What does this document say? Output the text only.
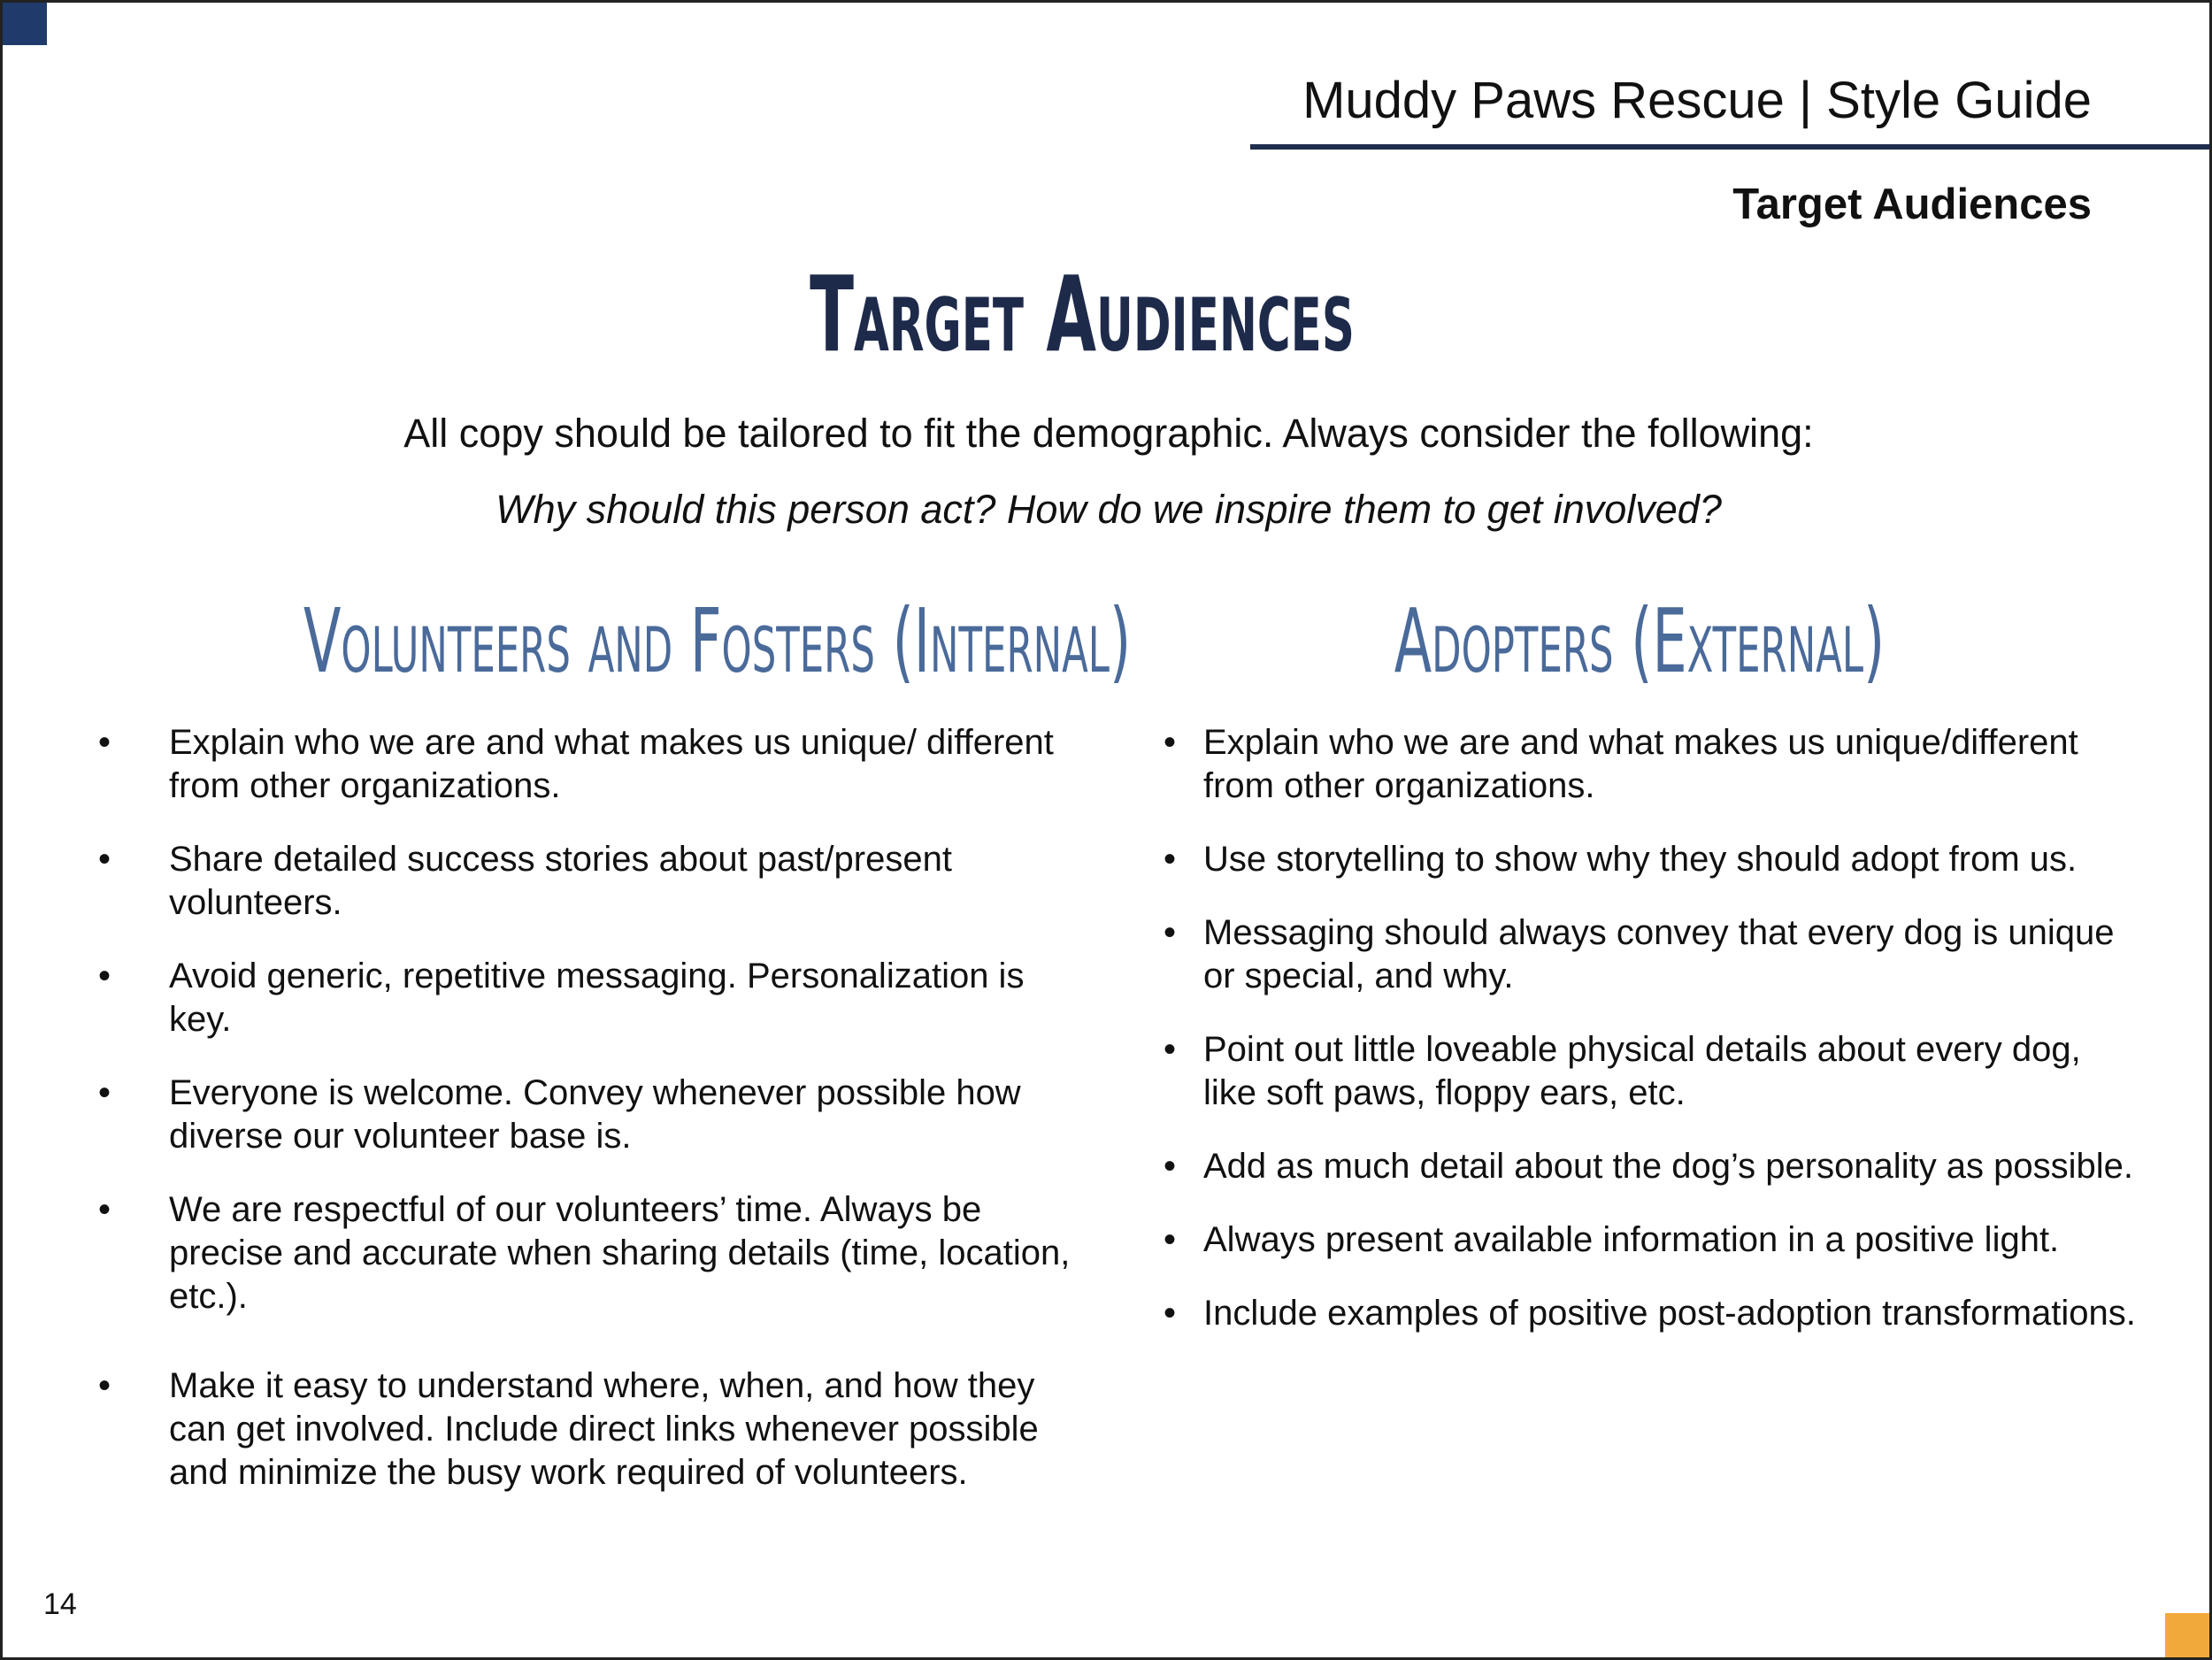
Muddy Paws Rescue | Style Guide
Target Audiences
Target Audiences
All copy should be tailored to fit the demographic. Always consider the following:
Why should this person act? How do we inspire them to get involved?
Volunteers and Fosters (Internal)	Adopters (External)
• Explain who we are and what makes us unique/ different from other organizations.
• Share detailed success stories about past/present volunteers.
• Avoid generic, repetitive messaging. Personalization is key.
• Everyone is welcome. Convey whenever possible how diverse our volunteer base is.
• We are respectful of our volunteers’ time. Always be precise and accurate when sharing details (time, location, etc.).
• Make it easy to understand where, when, and how they can get involved. Include direct links whenever possible and minimize the busy work required of volunteers.
• Explain who we are and what makes us unique/different from other organizations.
• Use storytelling to show why they should adopt from us.
• Messaging should always convey that every dog is unique or special, and why.
• Point out little loveable physical details about every dog, like soft paws, floppy ears, etc.
• Add as much detail about the dog’s personality as possible.
• Always present available information in a positive light.
• Include examples of positive post-adoption transformations.
14
